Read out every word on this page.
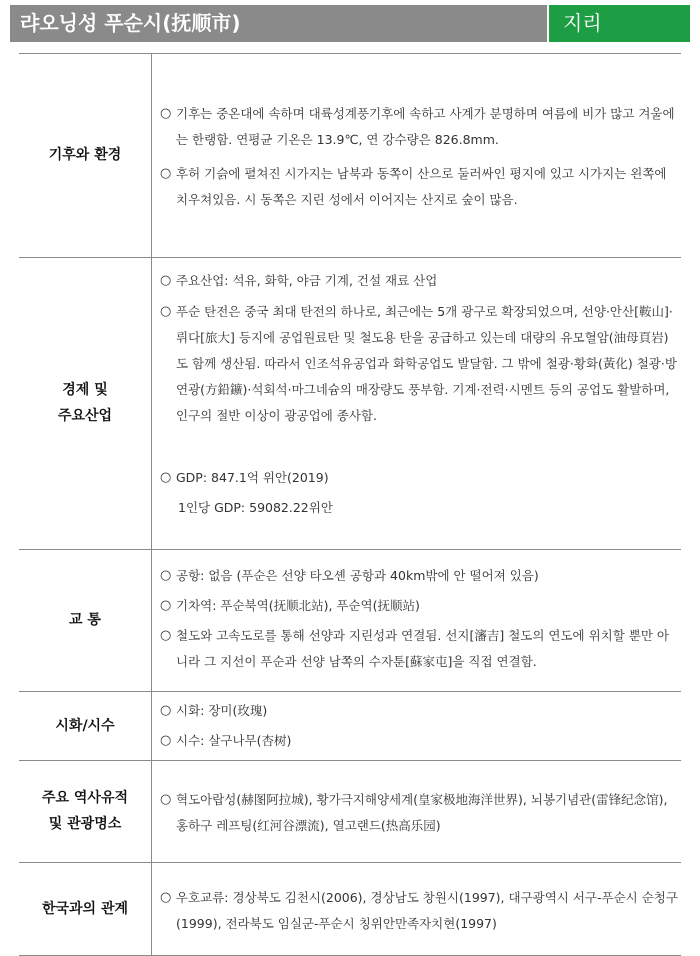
랴오닝성 푸순시(抚顺市)	지리
기후와 환경
○ 기후는 중온대에 속하며 대륙성계풍기후에 속하고 사계가 분명하며 여름에 비가 많고 겨울에는 한랭함. 연평균 기온은 13.9℃, 연 강수량은 826.8mm.
○ 후허 기슭에 펼쳐진 시가지는 남북과 동쪽이 산으로 둘러싸인 평지에 있고 시가지는 왼쪽에 치우쳐있음. 시 동쪽은 지린 성에서 이어지는 산지로 숲이 많음.
경제 및
주요산업
○ 주요산업: 석유, 화학, 야금 기계, 건설 재료 산업
○ 푸순 탄전은 중국 최대 탄전의 하나로, 최근에는 5개 광구로 확장되었으며, 선양·안산[鞍山]·뤼다[旅大] 등지에 공업원료탄 및 철도용 탄을 공급하고 있는데 대량의 유모혈암(油母頁岩)도 함께 생산됨. 따라서 인조석유공업과 화학공업도 발달함. 그 밖에 철광·황화(黃化) 철광·방연광(方鉛鑛)·석회석·마그네슘의 매장량도 풍부함. 기계·전력·시멘트 등의 공업도 활발하며, 인구의 절반 이상이 광공업에 종사함.
○ GDP: 847.1억 위안(2019)
1인당 GDP: 59082.22위안
교 통
○ 공항: 없음 (푸순은 선양 타오셴 공항과 40km밖에 안 떨어져 있음)
○ 기차역: 푸순북역(抚顺北站), 푸순역(抚顺站)
○ 철도와 고속도로를 통해 선양과 지린성과 연결됨. 선지[瀋吉] 철도의 연도에 위치할 뿐만 아니라 그 지선이 푸순과 선양 남쪽의 수자툰[蘇家屯]을 직접 연결함.
시화/시수
○ 시화: 장미(玫瑰)
○ 시수: 살구나무(杏树)
주요 역사유적
및 관광명소
○ 혁도아랍성(赫图阿拉城), 황가극지해양세계(皇家极地海洋世界), 뇌봉기념관(雷锋纪念馆), 홍하구 레프팅(红河谷漂流), 열고랜드(热高乐园)
한국과의 관계
○ 우호교류: 경상북도 김천시(2006), 경상남도 창원시(1997), 대구광역시 서구-푸순시 순청구(1999), 전라북도 임실군-푸순시 칭위안만족자치현(1997)
